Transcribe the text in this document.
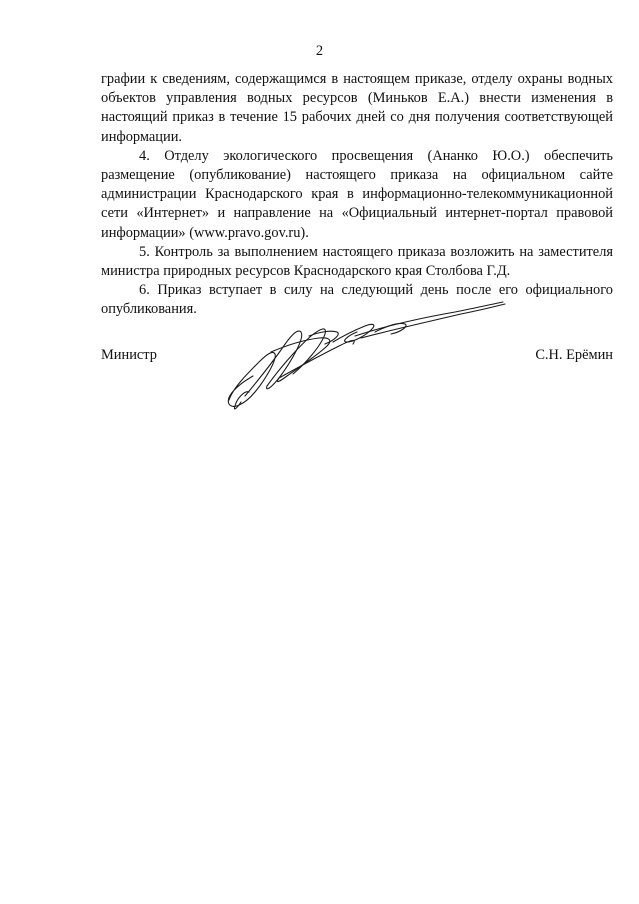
2

графии к сведениям, содержащимся в настоящем приказе, отделу охраны водных объектов управления водных ресурсов (Миньков Е.А.) внести изменения в настоящий приказ в течение 15 рабочих дней со дня получения соответствующей информации.

4. Отделу экологического просвещения (Ананко Ю.О.) обеспечить размещение (опубликование) настоящего приказа на официальном сайте администрации Краснодарского края в информационно-телекоммуникационной сети «Интернет» и направление на «Официальный интернет-портал правовой информации» (www.pravo.gov.ru).

5. Контроль за выполнением настоящего приказа возложить на заместителя министра природных ресурсов Краснодарского края Столбова Г.Д.

6. Приказ вступает в силу на следующий день после его официального опубликования.

Министр	С.Н. Ерёмин
